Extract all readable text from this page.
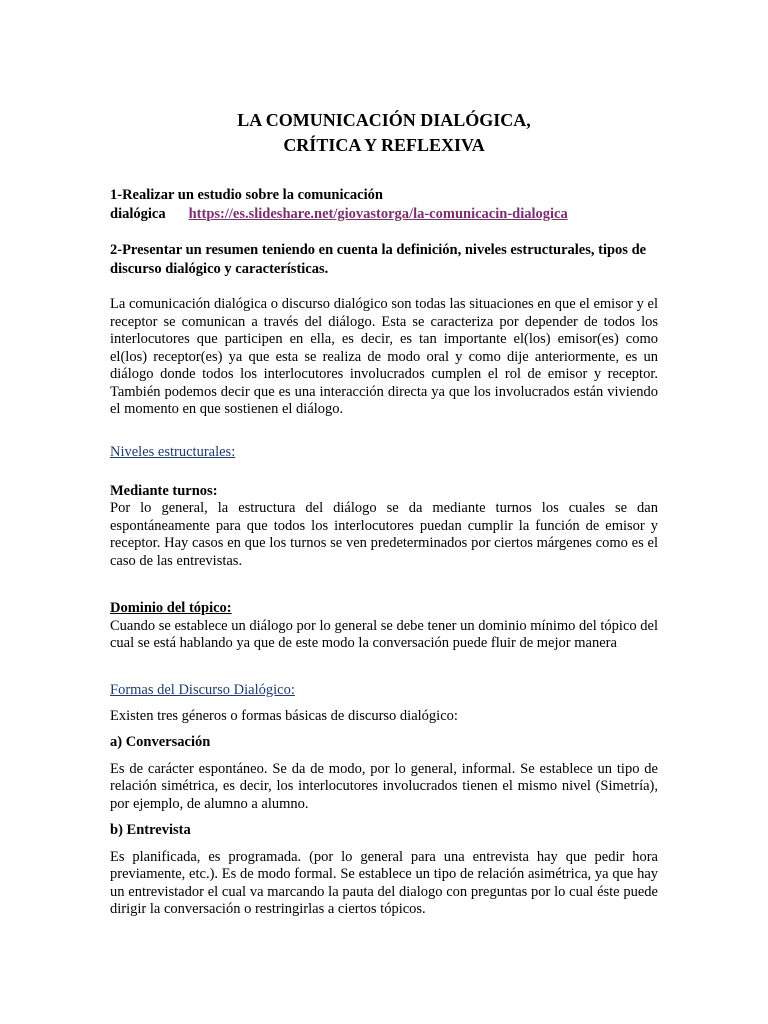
LA COMUNICACIÓN DIALÓGICA,
CRÍTICA Y REFLEXIVA
1-Realizar un estudio sobre la comunicación
dialógica https://es.slideshare.net/giovastorga/la-comunicacin-dialogica
2-Presentar un resumen teniendo en cuenta la definición, niveles estructurales, tipos de discurso dialógico y características.

La comunicación dialógica o discurso dialógico son todas las situaciones en que el emisor y el receptor se comunican a través del diálogo. Esta se caracteriza por depender de todos los interlocutores que participen en ella, es decir, es tan importante el(los) emisor(es) como el(los) receptor(es) ya que esta se realiza de modo oral y como dije anteriormente, es un diálogo donde todos los interlocutores involucrados cumplen el rol de emisor y receptor. También podemos decir que es una interacción directa ya que los involucrados están viviendo el momento en que sostienen el diálogo.

Niveles estructurales:
Mediante turnos:

Por lo general, la estructura del diálogo se da mediante turnos los cuales se dan espontáneamente para que todos los interlocutores puedan cumplir la función de emisor y receptor. Hay casos en que los turnos se ven predeterminados por ciertos márgenes como es el caso de las entrevistas.

Dominio del tópico:

Cuando se establece un diálogo por lo general se debe tener un dominio mínimo del tópico del cual se está hablando ya que de este modo la conversación puede fluir de mejor manera

Formas del Discurso Dialógico:

Existen tres géneros o formas básicas de discurso dialógico:

a) Conversación

Es de carácter espontáneo. Se da de modo, por lo general, informal. Se establece un tipo de relación simétrica, es decir, los interlocutores involucrados tienen el mismo nivel (Simetría), por ejemplo, de alumno a alumno.

b) Entrevista

Es planificada, es programada. (por lo general para una entrevista hay que pedir hora previamente, etc.). Es de modo formal. Se establece un tipo de relación asimétrica, ya que hay un entrevistador el cual va marcando la pauta del dialogo con preguntas por lo cual éste puede dirigir la conversación o restringirlas a ciertos tópicos.
